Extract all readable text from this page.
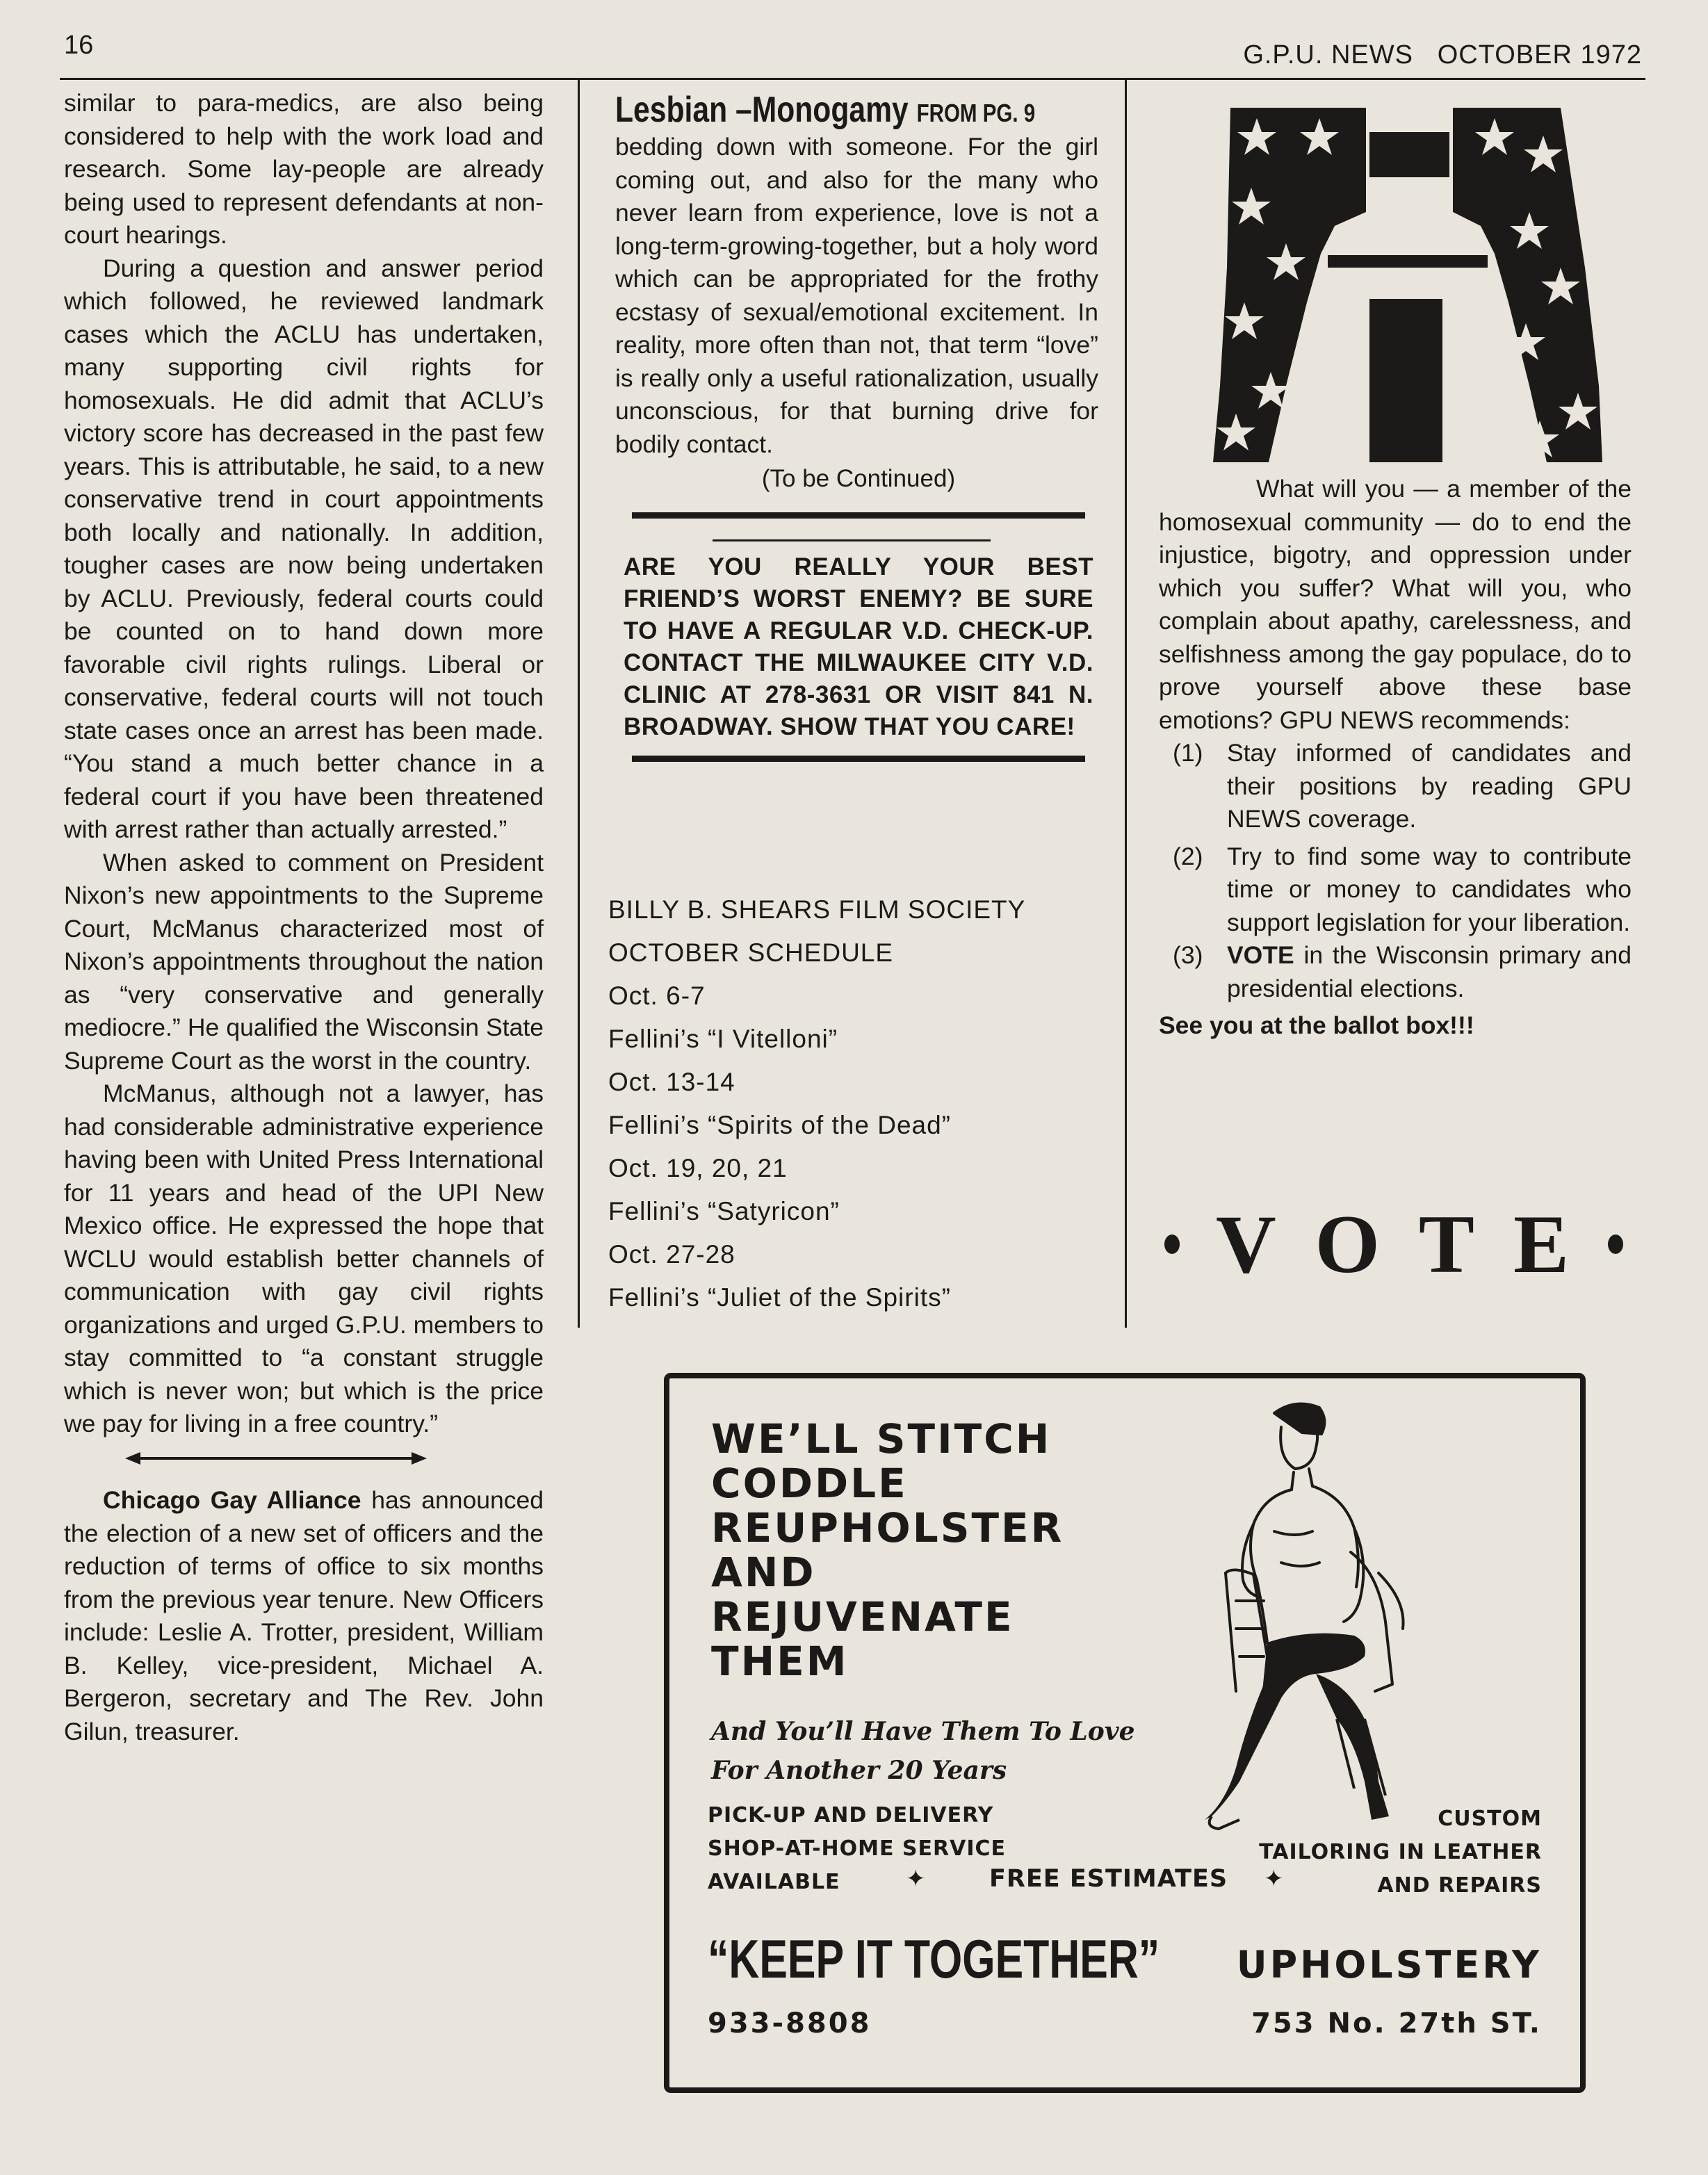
16	G.P.U. NEWS OCTOBER 1972

similar to para-medics, are also being considered to help with the work load and research. Some lay-people are already being used to represent defendants at non-court hearings.

During a question and answer period which followed, he reviewed landmark cases which the ACLU has undertaken, many supporting civil rights for homosexuals. He did admit that ACLU’s victory score has decreased in the past few years. This is attributable, he said, to a new conservative trend in court appointments both locally and nationally. In addition, tougher cases are now being undertaken by ACLU. Previously, federal courts could be counted on to hand down more favorable civil rights rulings. Liberal or conservative, federal courts will not touch state cases once an arrest has been made. “You stand a much better chance in a federal court if you have been threatened with arrest rather than actually arrested.”

When asked to comment on President Nixon’s new appointments to the Supreme Court, McManus characterized most of Nixon’s appointments throughout the nation as “very conservative and generally mediocre.” He qualified the Wisconsin State Supreme Court as the worst in the country.

McManus, although not a lawyer, has had considerable administrative experience having been with United Press International for 11 years and head of the UPI New Mexico office. He expressed the hope that WCLU would establish better channels of communication with gay civil rights organizations and urged G.P.U. members to stay committed to “a constant struggle which is never won; but which is the price we pay for living in a free country.”

Chicago Gay Alliance has announced the election of a new set of officers and the reduction of terms of office to six months from the previous year tenure. New Officers include: Leslie A. Trotter, president, William B. Kelley, vice-president, Michael A. Bergeron, secretary and The Rev. John Gilun, treasurer.

Lesbian –Monogamy FROM PG. 9

bedding down with someone. For the girl coming out, and also for the many who never learn from experience, love is not a long-term-growing-together, but a holy word which can be appropriated for the frothy ecstasy of sexual/emotional excitement. In reality, more often than not, that term “love” is really only a useful rationalization, usually unconscious, for that burning drive for bodily contact.

(To be Continued)
ARE YOU REALLY YOUR BEST FRIEND’S WORST ENEMY? BE SURE TO HAVE A REGULAR V.D. CHECK-UP. CONTACT THE MILWAUKEE CITY V.D. CLINIC AT 278-3631 OR VISIT 841 N. BROADWAY. SHOW THAT YOU CARE!
BILLY B. SHEARS FILM SOCIETY
OCTOBER SCHEDULE
Oct. 6-7
Fellini’s “I Vitelloni”
Oct. 13-14
Fellini’s “Spirits of the Dead”
Oct. 19, 20, 21
Fellini’s “Satyricon”
Oct. 27-28
Fellini’s “Juliet of the Spirits”

What will you — a member of the homosexual community — do to end the injustice, bigotry, and oppression under which you suffer? What will you, who complain about apathy, carelessness, and selfishness among the gay populace, do to prove yourself above these base emotions? GPU NEWS recommends:

(1) Stay informed of candidates and their positions by reading GPU NEWS coverage.
(2) Try to find some way to contribute time or money to candidates who support legislation for your liberation.
(3) VOTE in the Wisconsin primary and presidential elections.
See you at the ballot box!!!
V O T E
WE’LL STITCH
CODDLE
REUPHOLSTER
AND
REJUVENATE
THEM
And You’ll Have Them To Love
For Another 20 Years
PICK-UP AND DELIVERY
SHOP-AT-HOME SERVICE
AVAILABLE	✦	FREE ESTIMATES ✦
CUSTOM
TAILORING IN LEATHER
AND REPAIRS
“KEEP IT TOGETHER”	UPHOLSTERY
933-8808	753 No. 27th ST.
